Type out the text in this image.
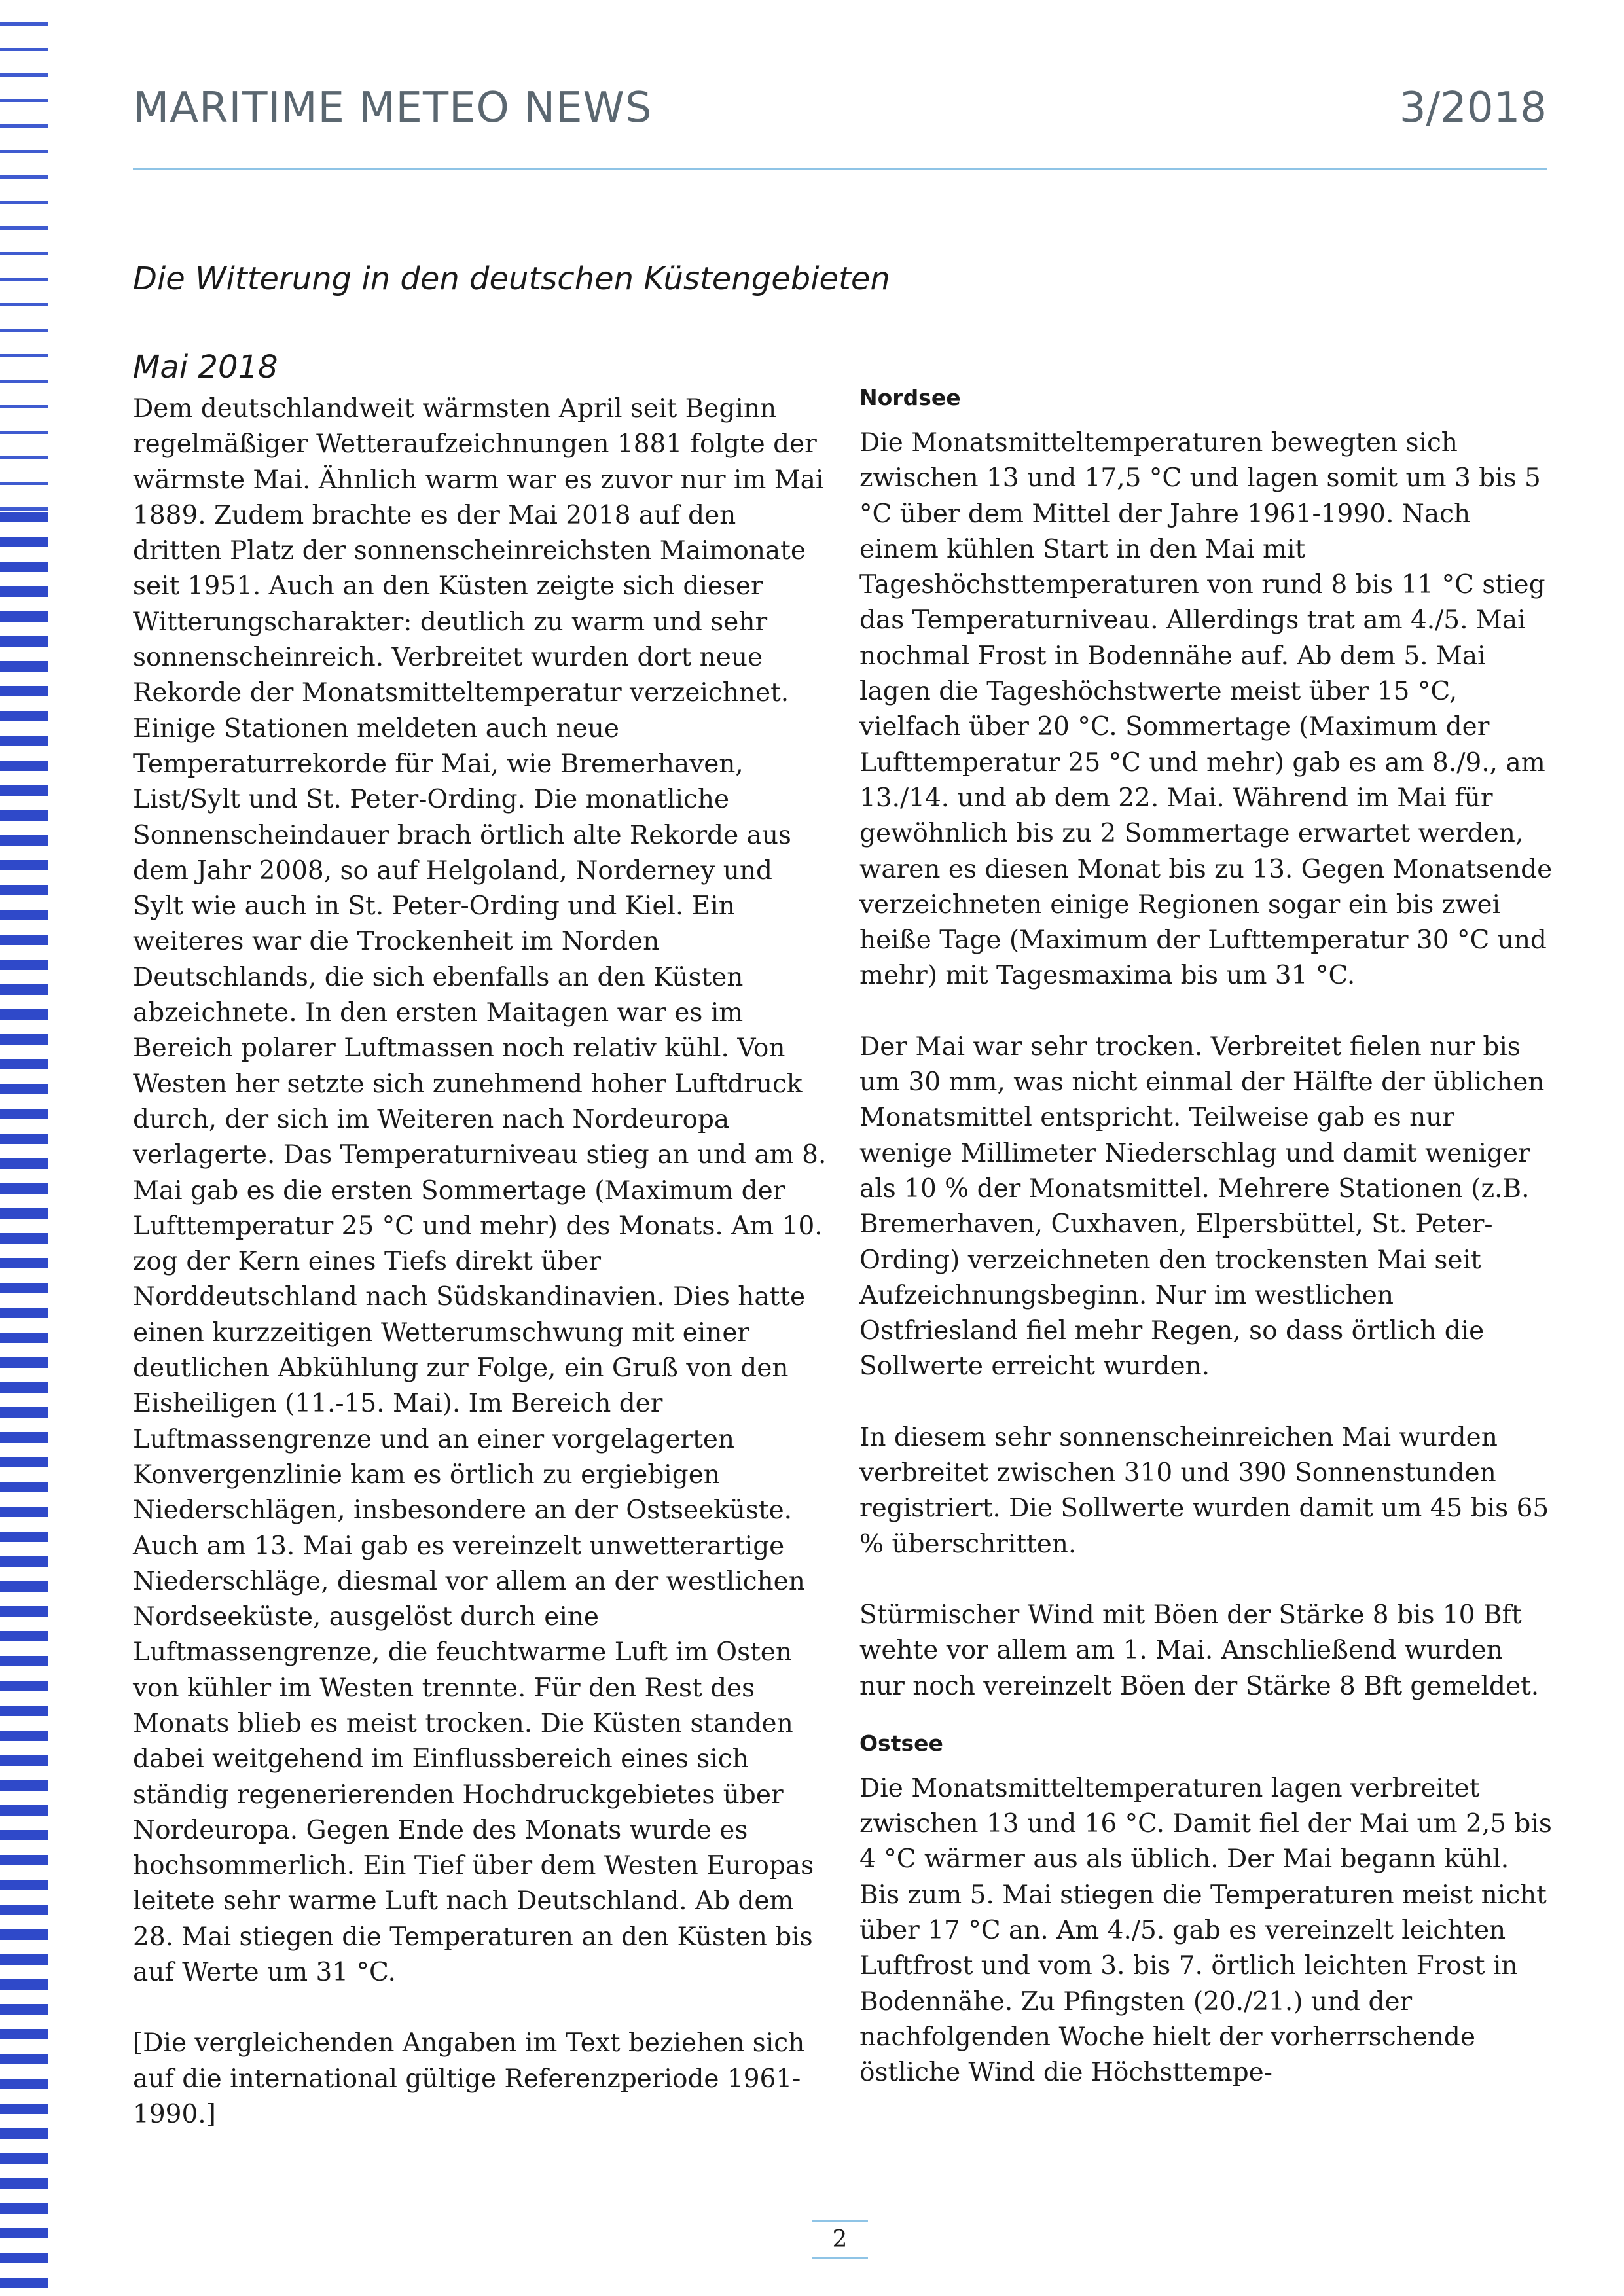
MARITIME METEO NEWS	3/2018
Die Witterung in den deutschen Küstengebieten
Mai 2018

Dem deutschlandweit wärmsten April seit Beginn regelmäßiger Wetteraufzeichnungen 1881 folgte der wärmste Mai. Ähnlich warm war es zuvor nur im Mai 1889. Zudem brachte es der Mai 2018 auf den dritten Platz der sonnenscheinreichsten Maimonate seit 1951. Auch an den Küsten zeigte sich dieser Witterungscharakter: deutlich zu warm und sehr sonnenscheinreich. Verbreitet wurden dort neue Rekorde der Monatsmitteltemperatur verzeichnet. Einige Stationen meldeten auch neue Temperaturrekorde für Mai, wie Bremerhaven, List/Sylt und St. Peter-Ording. Die monatliche Sonnenscheindauer brach örtlich alte Rekorde aus dem Jahr 2008, so auf Helgoland, Norderney und Sylt wie auch in St. Peter-Ording und Kiel. Ein weiteres war die Trockenheit im Norden Deutschlands, die sich ebenfalls an den Küsten abzeichnete. In den ersten Maitagen war es im Bereich polarer Luftmassen noch relativ kühl. Von Westen her setzte sich zunehmend hoher Luftdruck durch, der sich im Weiteren nach Nordeuropa verlagerte. Das Temperaturniveau stieg an und am 8. Mai gab es die ersten Sommertage (Maximum der Lufttemperatur 25 °C und mehr) des Monats. Am 10. zog der Kern eines Tiefs direkt über Norddeutschland nach Südskandinavien. Dies hatte einen kurzzeitigen Wetterumschwung mit einer deutlichen Abkühlung zur Folge, ein Gruß von den Eisheiligen (11.-15. Mai). Im Bereich der Luftmassengrenze und an einer vorgelagerten Konvergenzlinie kam es örtlich zu ergiebigen Niederschlägen, insbesondere an der Ostseeküste. Auch am 13. Mai gab es vereinzelt unwetterartige Niederschläge, diesmal vor allem an der westlichen Nordseeküste, ausgelöst durch eine Luftmassengrenze, die feuchtwarme Luft im Osten von kühler im Westen trennte. Für den Rest des Monats blieb es meist trocken. Die Küsten standen dabei weitgehend im Einflussbereich eines sich ständig regenerierenden Hochdruckgebietes über Nordeuropa. Gegen Ende des Monats wurde es hochsommerlich. Ein Tief über dem Westen Europas leitete sehr warme Luft nach Deutschland. Ab dem 28. Mai stiegen die Temperaturen an den Küsten bis auf Werte um 31 °C.

[Die vergleichenden Angaben im Text beziehen sich auf die international gültige Referenzperiode 1961-1990.]

Nordsee

Die Monatsmitteltemperaturen bewegten sich zwischen 13 und 17,5 °C und lagen somit um 3 bis 5 °C über dem Mittel der Jahre 1961-1990. Nach einem kühlen Start in den Mai mit Tageshöchsttemperaturen von rund 8 bis 11 °C stieg das Temperaturniveau. Allerdings trat am 4./5. Mai nochmal Frost in Bodennähe auf. Ab dem 5. Mai lagen die Tageshöchstwerte meist über 15 °C, vielfach über 20 °C. Sommertage (Maximum der Lufttemperatur 25 °C und mehr) gab es am 8./9., am 13./14. und ab dem 22. Mai. Während im Mai für gewöhnlich bis zu 2 Sommertage erwartet werden, waren es diesen Monat bis zu 13. Gegen Monatsende verzeichneten einige Regionen sogar ein bis zwei heiße Tage (Maximum der Lufttemperatur 30 °C und mehr) mit Tagesmaxima bis um 31 °C.

Der Mai war sehr trocken. Verbreitet fielen nur bis um 30 mm, was nicht einmal der Hälfte der üblichen Monatsmittel entspricht. Teilweise gab es nur wenige Millimeter Niederschlag und damit weniger als 10 % der Monatsmittel. Mehrere Stationen (z.B. Bremerhaven, Cuxhaven, Elpersbüttel, St. Peter-Ording) verzeichneten den trockensten Mai seit Aufzeichnungsbeginn. Nur im westlichen Ostfriesland fiel mehr Regen, so dass örtlich die Sollwerte erreicht wurden.

In diesem sehr sonnenscheinreichen Mai wurden verbreitet zwischen 310 und 390 Sonnenstunden registriert. Die Sollwerte wurden damit um 45 bis 65 % überschritten.

Stürmischer Wind mit Böen der Stärke 8 bis 10 Bft wehte vor allem am 1. Mai. Anschließend wurden nur noch vereinzelt Böen der Stärke 8 Bft gemeldet.

Ostsee

Die Monatsmitteltemperaturen lagen verbreitet zwischen 13 und 16 °C. Damit fiel der Mai um 2,5 bis 4 °C wärmer aus als üblich. Der Mai begann kühl. Bis zum 5. Mai stiegen die Temperaturen meist nicht über 17 °C an. Am 4./5. gab es vereinzelt leichten Luftfrost und vom 3. bis 7. örtlich leichten Frost in Bodennähe. Zu Pfingsten (20./21.) und der nachfolgenden Woche hielt der vorherrschende östliche Wind die Höchsttempe-

2
